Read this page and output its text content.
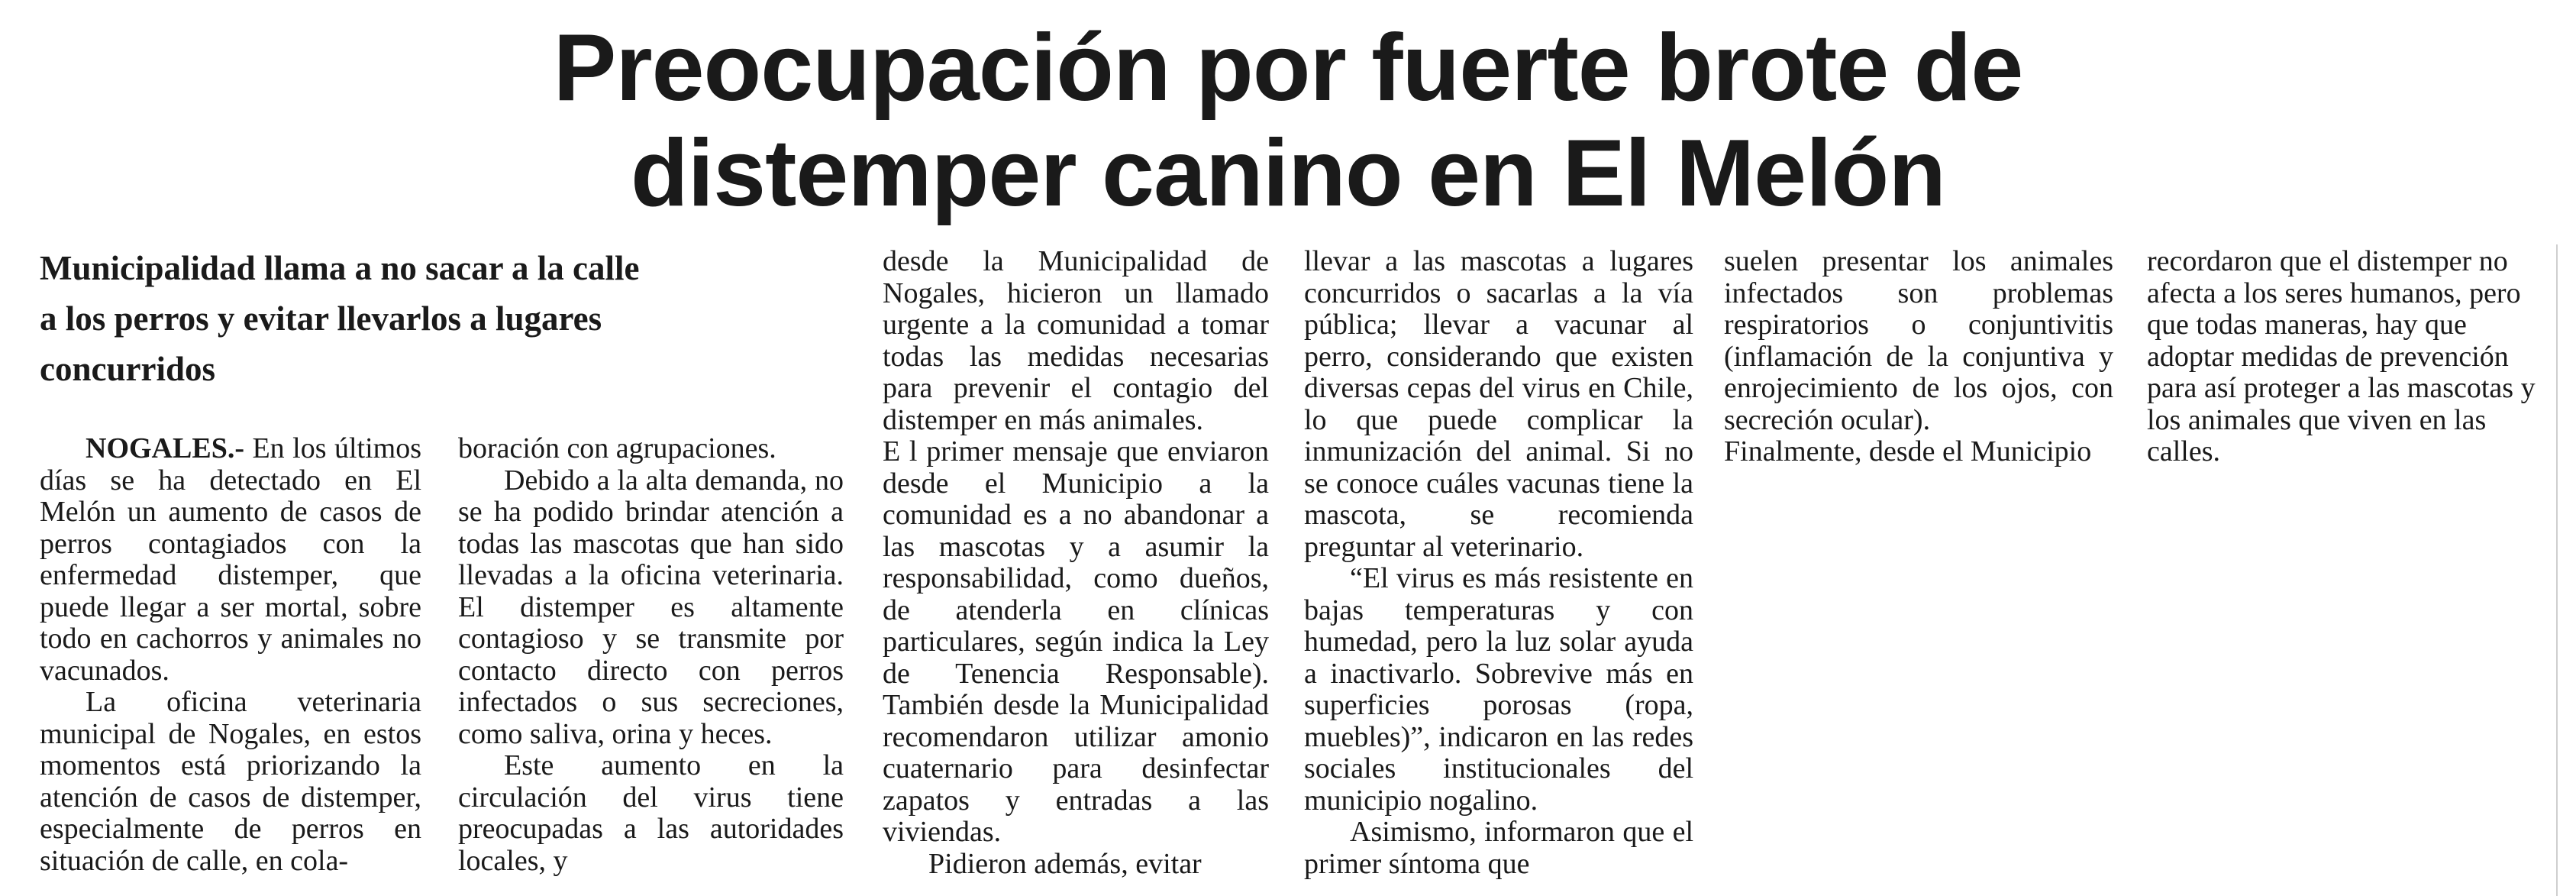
Preocupación por fuerte brote de
distemper canino en El Melón
Municipalidad llama a no sacar a la calle a los perros y evitar llevarlos a lugares concurridos

NOGALES.- En los últimos días se ha detectado en El Melón un aumento de casos de perros contagiados con la enfermedad distemper, que puede llegar a ser mortal, sobre todo en cachorros y animales no vacunados.

La oficina veterinaria municipal de Nogales, en estos momentos está priorizando la atención de casos de distemper, especialmente de perros en situación de calle, en cola-

boración con agrupaciones.

Debido a la alta demanda, no se ha podido brindar atención a todas las mascotas que han sido llevadas a la oficina veterinaria. El distemper es altamente contagioso y se transmite por contacto directo con perros infectados o sus secreciones, como saliva, orina y heces.

Este aumento en la circulación del virus tiene preocupadas a las autoridades locales, y

desde la Municipalidad de Nogales, hicieron un llamado urgente a la comunidad a tomar todas las medidas necesarias para prevenir el contagio del distemper en más animales.

E l primer mensaje que enviaron desde el Municipio a la comunidad es a no abandonar a las mascotas y a asumir la responsabilidad, como dueños, de atenderla en clínicas particulares, según indica la Ley de Tenencia Responsable). También desde la Municipalidad recomendaron utilizar amonio cuaternario para desinfectar zapatos y entradas a las viviendas.

Pidieron además, evitar

llevar a las mascotas a lugares concurridos o sacarlas a la vía pública; llevar a vacunar al perro, considerando que existen diversas cepas del virus en Chile, lo que puede complicar la inmunización del animal. Si no se conoce cuáles vacunas tiene la mascota, se recomienda preguntar al veterinario.

“El virus es más resistente en bajas temperaturas y con humedad, pero la luz solar ayuda a inactivarlo. Sobrevive más en superficies porosas (ropa, muebles)”, indicaron en las redes sociales institucionales del municipio nogalino.

Asimismo, informaron que el primer síntoma que

suelen presentar los animales infectados son problemas respiratorios o conjuntivitis (inflamación de la conjuntiva y enrojecimiento de los ojos, con secreción ocular).

Finalmente, desde el Municipio

recordaron que el distemper no afecta a los seres humanos, pero que todas maneras, hay que adoptar medidas de prevención para así proteger a las mascotas y los animales que viven en las calles.
